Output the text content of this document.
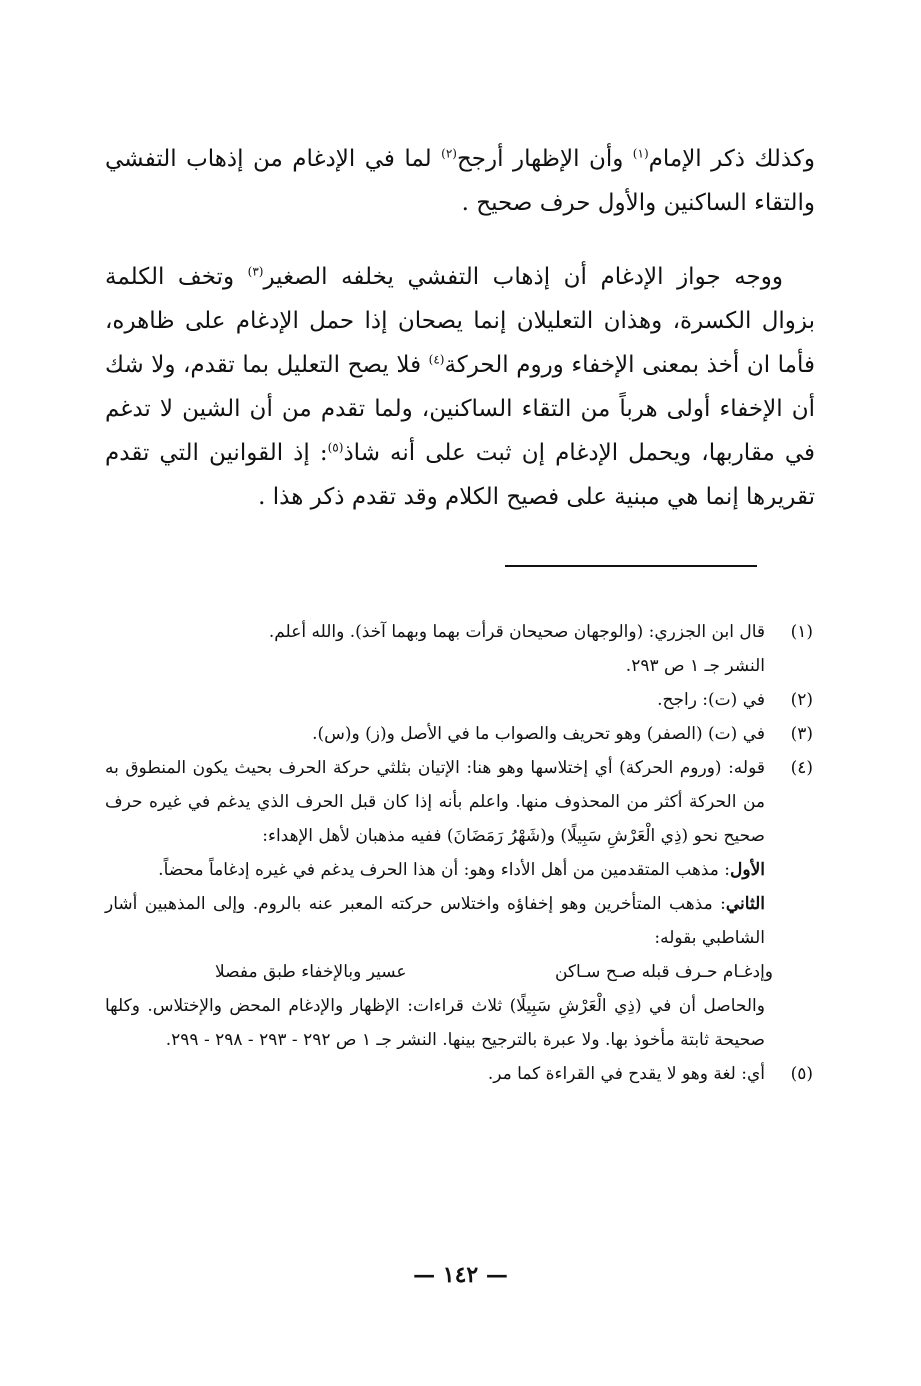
وكذلك ذكر الإمام$^{(١)}$ وأن الإظهار أرجح$^{(٢)}$ لما في الإدغام من إذهاب التفشي والتقاء الساكنين والأول حرف صحيح .

ووجه جواز الإدغام أن إذهاب التفشي يخلفه الصغير$^{(٣)}$ وتخف الكلمة بزوال الكسرة، وهذان التعليلان إنما يصحان إذا حمل الإدغام على ظاهره، فأما ان أخذ بمعنى الإخفاء وروم الحركة$^{(٤)}$ فلا يصح التعليل بما تقدم، ولا شك أن الإخفاء أولى هرباً من التقاء الساكنين، ولما تقدم من أن الشين لا تدغم في مقاربها، ويحمل الإدغام إن ثبت على أنه شاذ$^{(٥)}$: إذ القوانين التي تقدم تقريرها إنما هي مبنية على فصيح الكلام وقد تقدم ذكر هذا .

(١)
قال ابن الجزري: (والوجهان صحيحان قرأت بهما وبهما آخذ). والله أعلم.
النشر جـ ١ ص ٢٩٣.
(٢)
في (ت): راجح.
(٣)
في (ت) (الصفر) وهو تحريف والصواب ما في الأصل و(ز) و(س).
(٤)
قوله: (وروم الحركة) أي إختلاسها وهو هنا: الإتيان بثلثي حركة الحرف بحيث يكون المنطوق به من الحركة أكثر من المحذوف منها. واعلم بأنه إذا كان قبل الحرف الذي يدغم في غيره حرف صحيح نحو (ذِي الْعَرْشِ سَبِيلًا) و(شَهْرُ رَمَضَانَ) ففيه مذهبان لأهل الإهداء:
الأول: مذهب المتقدمين من أهل الأداء وهو: أن هذا الحرف يدغم في غيره إدغاماً محضاً.
الثاني: مذهب المتأخرين وهو إخفاؤه واختلاس حركته المعبر عنه بالروم. وإلى المذهبين أشار الشاطبي بقوله:
وإدغـام حـرف قبله صـح سـاكن
عسير وبالإخفاء طبق مفصلا
والحاصل أن في (ذِي الْعَرْشِ سَبِيلًا) ثلاث قراءات: الإظهار والإدغام المحض والإختلاس. وكلها صحيحة ثابتة مأخوذ بها. ولا عبرة بالترجيح بينها. النشر جـ ١ ص ٢٩٢ - ٢٩٣ - ٢٩٨ - ٢٩٩.
(٥)
أي: لغة وهو لا يقدح في القراءة كما مر.
— ١٤٢ —
